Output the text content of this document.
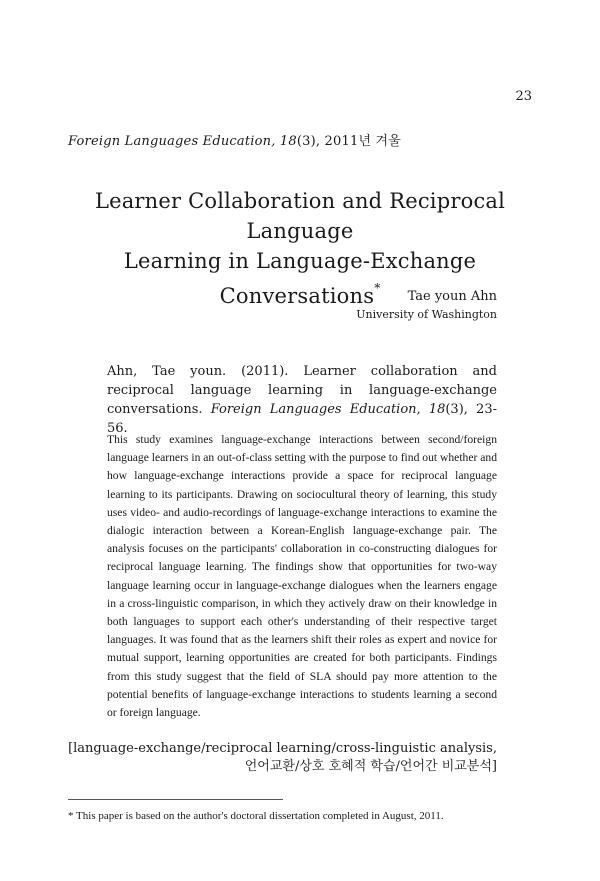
23
Foreign Languages Education, 18(3), 2011년 겨울
Learner Collaboration and Reciprocal Language
Learning in Language-Exchange Conversations*
Tae youn Ahn
University of Washington
Ahn, Tae youn. (2011). Learner collaboration and reciprocal language learning in language-exchange conversations. Foreign Languages Education, 18(3), 23-56.
This study examines language-exchange interactions between second/foreign language learners in an out-of-class setting with the purpose to find out whether and how language-exchange interactions provide a space for reciprocal language learning to its participants. Drawing on sociocultural theory of learning, this study uses video- and audio-recordings of language-exchange interactions to examine the dialogic interaction between a Korean-English language-exchange pair. The analysis focuses on the participants' collaboration in co-constructing dialogues for reciprocal language learning. The findings show that opportunities for two-way language learning occur in language-exchange dialogues when the learners engage in a cross-linguistic comparison, in which they actively draw on their knowledge in both languages to support each other's understanding of their respective target languages. It was found that as the learners shift their roles as expert and novice for mutual support, learning opportunities are created for both participants. Findings from this study suggest that the field of SLA should pay more attention to the potential benefits of language-exchange interactions to students learning a second or foreign language.
[language-exchange/reciprocal learning/cross-linguistic analysis,
언어교환/상호 호혜적 학습/언어간 비교분석]
* This paper is based on the author's doctoral dissertation completed in August, 2011.
